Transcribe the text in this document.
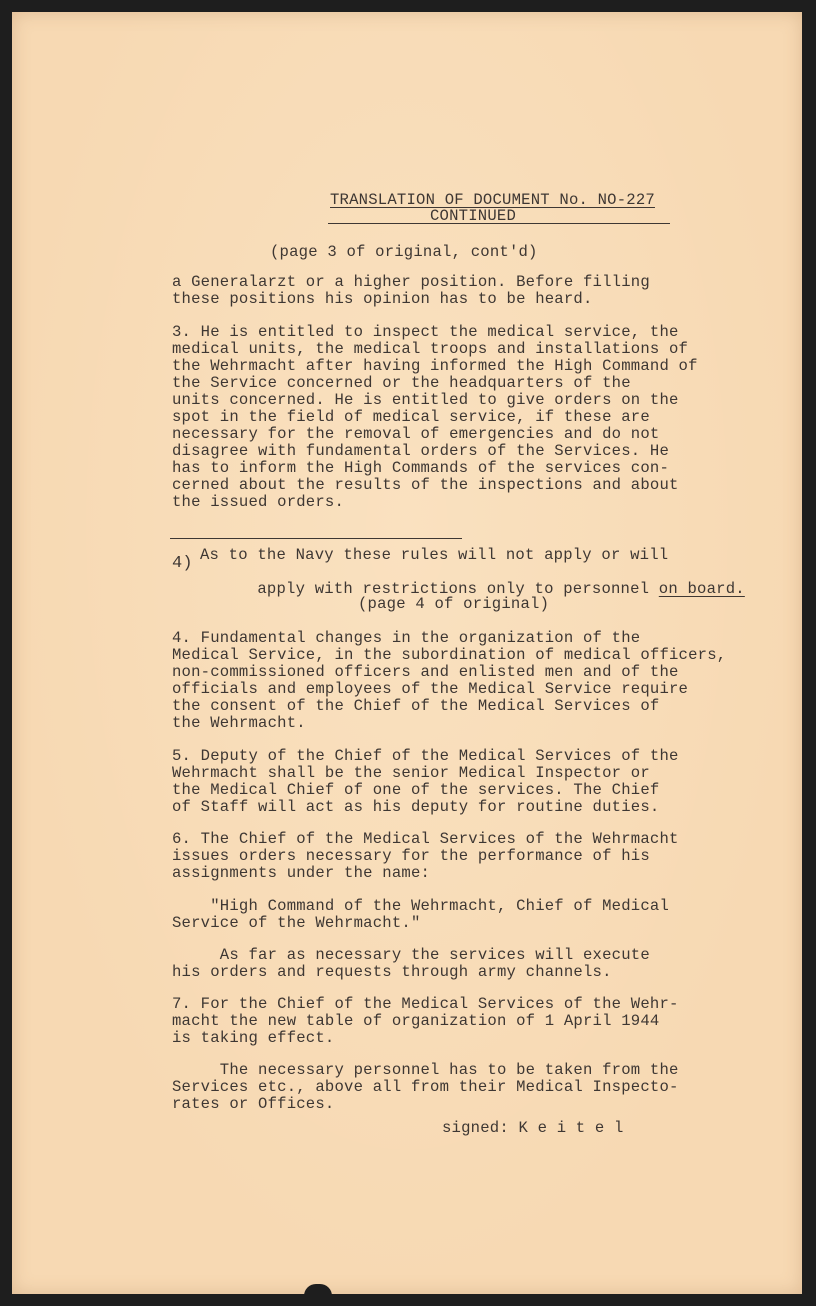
TRANSLATION OF DOCUMENT No. NO-227
CONTINUED
(page 3 of original, cont'd)
a Generalarzt or a higher position. Before filling
these positions his opinion has to be heard.
3. He is entitled to inspect the medical service, the
medical units, the medical troops and installations of
the Wehrmacht after having informed the High Command of
the Service concerned or the headquarters of the
units concerned. He is entitled to give orders on the
spot in the field of medical service, if these are
necessary for the removal of emergencies and do not
disagree with fundamental orders of the Services. He
has to inform the High Commands of the services con-
cerned about the results of the inspections and about
the issued orders.
4) As to the Navy these rules will not apply or will

apply with restrictions only to personnel on board.

(page 4 of original)
4. Fundamental changes in the organization of the
Medical Service, in the subordination of medical officers,
non-commissioned officers and enlisted men and of the
officials and employees of the Medical Service require
the consent of the Chief of the Medical Services of
the Wehrmacht.
5. Deputy of the Chief of the Medical Services of the
Wehrmacht shall be the senior Medical Inspector or
the Medical Chief of one of the services. The Chief
of Staff will act as his deputy for routine duties.
6. The Chief of the Medical Services of the Wehrmacht
issues orders necessary for the performance of his
assignments under the name:
"High Command of the Wehrmacht, Chief of Medical
Service of the Wehrmacht."
As far as necessary the services will execute
his orders and requests through army channels.
7. For the Chief of the Medical Services of the Wehr-
macht the new table of organization of 1 April 1944
is taking effect.
The necessary personnel has to be taken from the
Services etc., above all from their Medical Inspecto-
rates or Offices.
signed: K e i t e l
